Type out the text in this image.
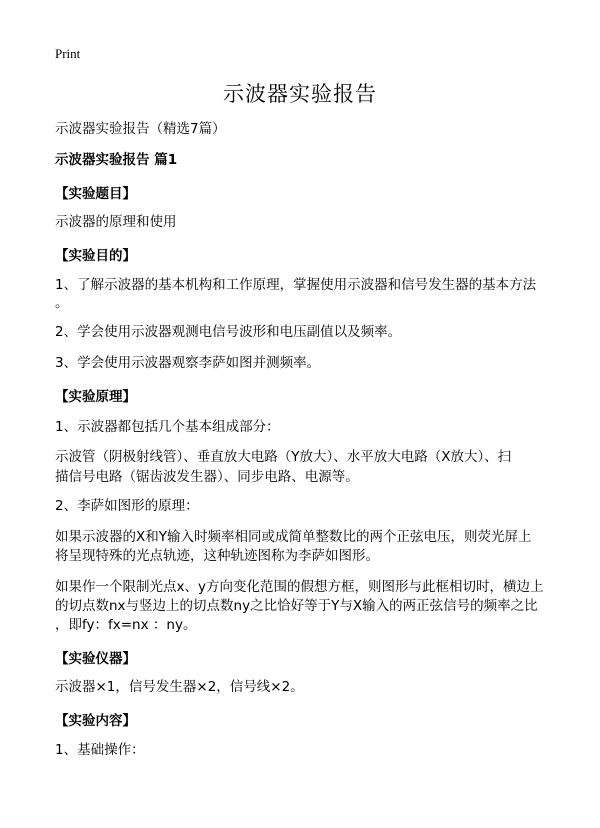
Print
示波器实验报告

示波器实验报告（精选7篇）

示波器实验报告 篇1

【实验题目】

示波器的原理和使用

【实验目的】

1、了解示波器的基本机构和工作原理，掌握使用示波器和信号发生器的基本方法

。

2、学会使用示波器观测电信号波形和电压副值以及频率。

3、学会使用示波器观察李萨如图并测频率。

【实验原理】

1、示波器都包括几个基本组成部分：

示波管（阴极射线管）、垂直放大电路（Y放大）、水平放大电路（X放大）、扫

描信号电路（锯齿波发生器）、同步电路、电源等。

2、李萨如图形的原理：

如果示波器的X和Y输入时频率相同或成简单整数比的两个正弦电压，则荧光屏上

将呈现特殊的光点轨迹，这种轨迹图称为李萨如图形。

如果作一个限制光点x、y方向变化范围的假想方框，则图形与此框相切时，横边上

的切点数nx与竖边上的切点数ny之比恰好等于Y与X输入的两正弦信号的频率之比

，即fy：fx=nx ：ny。

【实验仪器】

示波器×1，信号发生器×2，信号线×2。

【实验内容】

1、基础操作：
